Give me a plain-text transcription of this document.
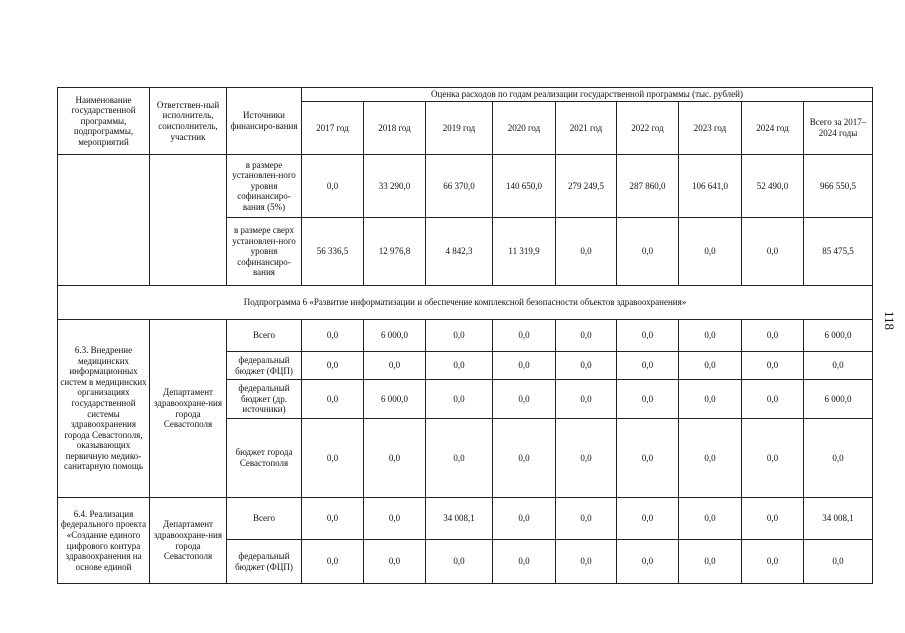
118
Наименование государственной программы, подпрограммы, мероприятий	Ответствен-ный исполнитель, соисполнитель, участник	Источники финансиро-вания	Оценка расходов по годам реализации государственной программы (тыс. рублей)								
			2017 год	2018 год	2019 год	2020 год	2021 год	2022 год	2023 год	2024 год	Всего за 2017–2024 годы
		в размере установлен-ного уровня софинансиро-вания (5%)	0,0	33 290,0	66 370,0	140 650,0	279 249,5	287 860,0	106 641,0	52 490,0	966 550,5
		в размере сверх установлен-ного уровня софинансиро-вания	56 336,5	12 976,8	4 842,3	11 319,9	0,0	0,0	0,0	0,0	85 475,5
Подпрограмма 6 «Развитие информатизации и обеспечение комплексной безопасности объектов здравоохранения»											
6.3. Внедрение медицинских информационных систем в медицинских организациях государственной системы здравоохранения города Севастополя, оказывающих первичную медико-санитарную помощь	Департамент здравоохране-ния города Севастополя	Всего	0,0	6 000,0	0,0	0,0	0,0	0,0	0,0	0,0	6 000,0
		федеральный бюджет (ФЦП)	0,0	0,0	0,0	0,0	0,0	0,0	0,0	0,0	0,0
		федеральный бюджет (др. источники)	0,0	6 000,0	0,0	0,0	0,0	0,0	0,0	0,0	6 000,0
		бюджет города Севастополя	0,0	0,0	0,0	0,0	0,0	0,0	0,0	0,0	0,0
6.4. Реализация федерального проекта «Создание единого цифрового контура здравоохранения на основе единой	Департамент здравоохране-ния города Севастополя	Всего	0,0	0,0	34 008,1	0,0	0,0	0,0	0,0	0,0	34 008,1
		федеральный бюджет (ФЦП)	0,0	0,0	0,0	0,0	0,0	0,0	0,0	0,0	0,0
